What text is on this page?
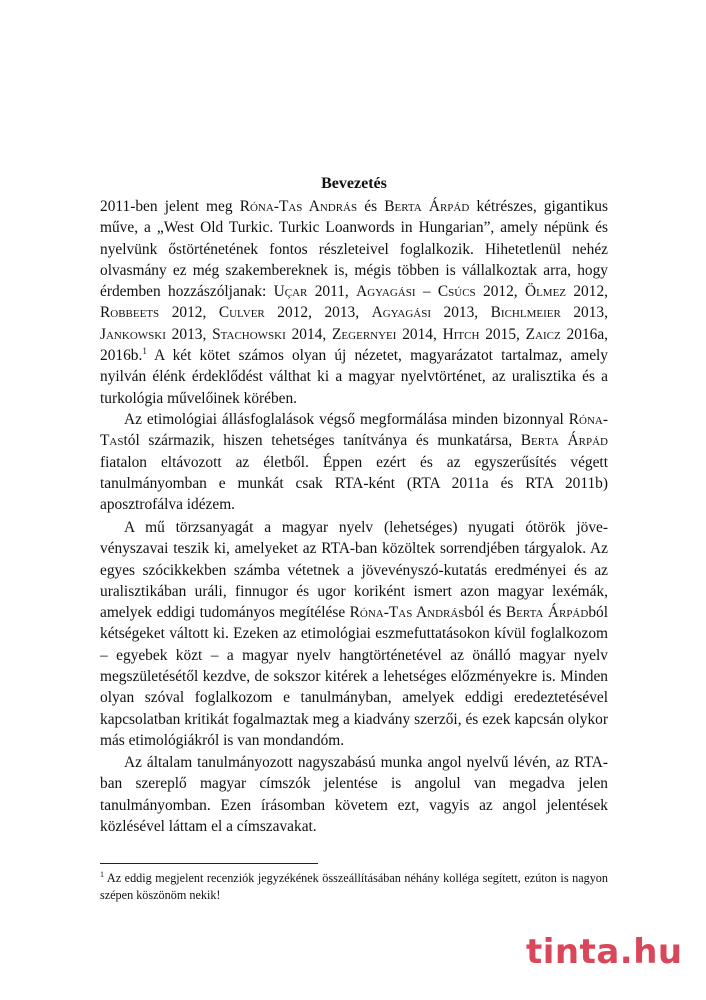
Bevezetés

2011-ben jelent meg Róna-Tas András és Berta Árpád kétrészes, gigantikus műve, a „West Old Turkic. Turkic Loanwords in Hungarian”, amely népünk és nyelvünk őstörténetének fontos részleteivel foglalkozik. Hihetetlenül nehéz olvasmány ez még szakembereknek is, mégis többen is vállalkoztak arra, hogy érdemben hozzászóljanak: Uçar 2011, Agyagási – Csúcs 2012, Ölmez 2012, Robbeets 2012, Culver 2012, 2013, Agyagási 2013, Bichlmeier 2013, Jankowski 2013, Stachowski 2014, Zegernyei 2014, Hitch 2015, Zaicz 2016a, 2016b.$^1$ A két kötet számos olyan új nézetet, magyarázatot tartalmaz, amely nyilván élénk érdeklődést válthat ki a magyar nyelvtörténet, az uralisztika és a turkológia művelőinek körében.

Az etimológiai állásfoglalások végső megformálása minden bizonnyal Róna-Tastól származik, hiszen tehetséges tanítványa és munkatársa, Berta Árpád fiatalon eltávozott az életből. Éppen ezért és az egyszerűsítés végett tanulmányomban e munkát csak RTA-ként (RTA 2011a és RTA 2011b) aposztrofálva idézem.

A mű törzsanyagát a magyar nyelv (lehetséges) nyugati ótörök jövevényszavai teszik ki, amelyeket az RTA-ban közöltek sorrendjében tárgyalok. Az egyes szócikkekben számba vétetnek a jövevényszó-kutatás eredményei és az uralisztikában uráli, finnugor és ugor koriként ismert azon magyar lexémák, amelyek eddigi tudományos megítélése Róna-Tas Andrásból és Berta Árpádból kétségeket váltott ki. Ezeken az etimológiai eszmefuttatásokon kívül foglalkozom – egyebek közt – a magyar nyelv hangtörténetével az önálló magyar nyelv megszületésétől kezdve, de sokszor kitérek a lehetséges előzményekre is. Minden olyan szóval foglalkozom e tanulmányban, amelyek eddigi eredeztetésével kapcsolatban kritikát fogalmaztak meg a kiadvány szerzői, és ezek kapcsán olykor más etimológiákról is van mondandóm.

Az általam tanulmányozott nagyszabású munka angol nyelvű lévén, az RTA-ban szereplő magyar címszók jelentése is angolul van megadva jelen tanulmányomban. Ezen írásomban követem ezt, vagyis az angol jelentések közlésével láttam el a címszavakat.

$^1$ Az eddig megjelent recenziók jegyzékének összeállításában néhány kolléga segített, ezúton is nagyon szépen köszönöm nekik!

tinta.hu
